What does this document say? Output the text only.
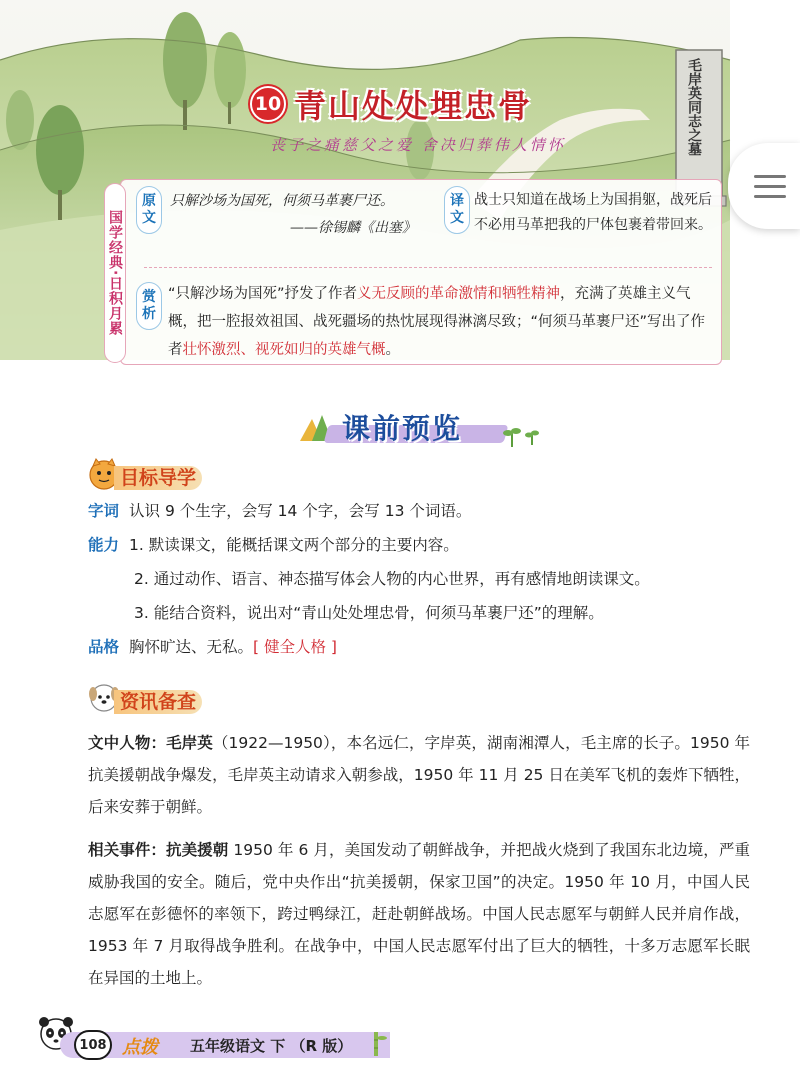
毛岸英同志之墓
10 青山处处埋忠骨
丧子之痛慈父之爱 舍决归葬伟人情怀
国学经典·日积月累
原
文
只解沙场为国死，何须马革裹尸还。
——徐锡麟《出塞》
译
文
战士只知道在战场上为国捐躯，战死后不必用马革把我的尸体包裹着带回来。
赏
析
“只解沙场为国死”抒发了作者义无反顾的革命激情和牺牲精神，充满了英雄主义气概，把一腔报效祖国、战死疆场的热忱展现得淋漓尽致；“何须马革裹尸还”写出了作者壮怀激烈、视死如归的英雄气概。
课前预览
目标导学
字词 认识 9 个生字，会写 14 个字，会写 13 个词语。
能力 1. 默读课文，能概括课文两个部分的主要内容。
2. 通过动作、语言、神态描写体会人物的内心世界，再有感情地朗读课文。
3. 能结合资料，说出对“青山处处埋忠骨，何须马革裹尸还”的理解。
品格 胸怀旷达、无私。[ 健全人格 ]
资讯备查
文中人物：毛岸英（1922—1950），本名远仁，字岸英，湖南湘潭人，毛主席的长子。1950 年抗美援朝战争爆发，毛岸英主动请求入朝参战，1950 年 11 月 25 日在美军飞机的轰炸下牺牲，后来安葬于朝鲜。
相关事件：抗美援朝 1950 年 6 月，美国发动了朝鲜战争，并把战火烧到了我国东北边境，严重威胁我国的安全。随后，党中央作出“抗美援朝，保家卫国”的决定。1950 年 10 月，中国人民志愿军在彭德怀的率领下，跨过鸭绿江，赶赴朝鲜战场。中国人民志愿军与朝鲜人民并肩作战，1953 年 7 月取得战争胜利。在战争中，中国人民志愿军付出了巨大的牺牲，十多万志愿军长眠在异国的土地上。
108 点拨 五年级语文 下 （R 版）
